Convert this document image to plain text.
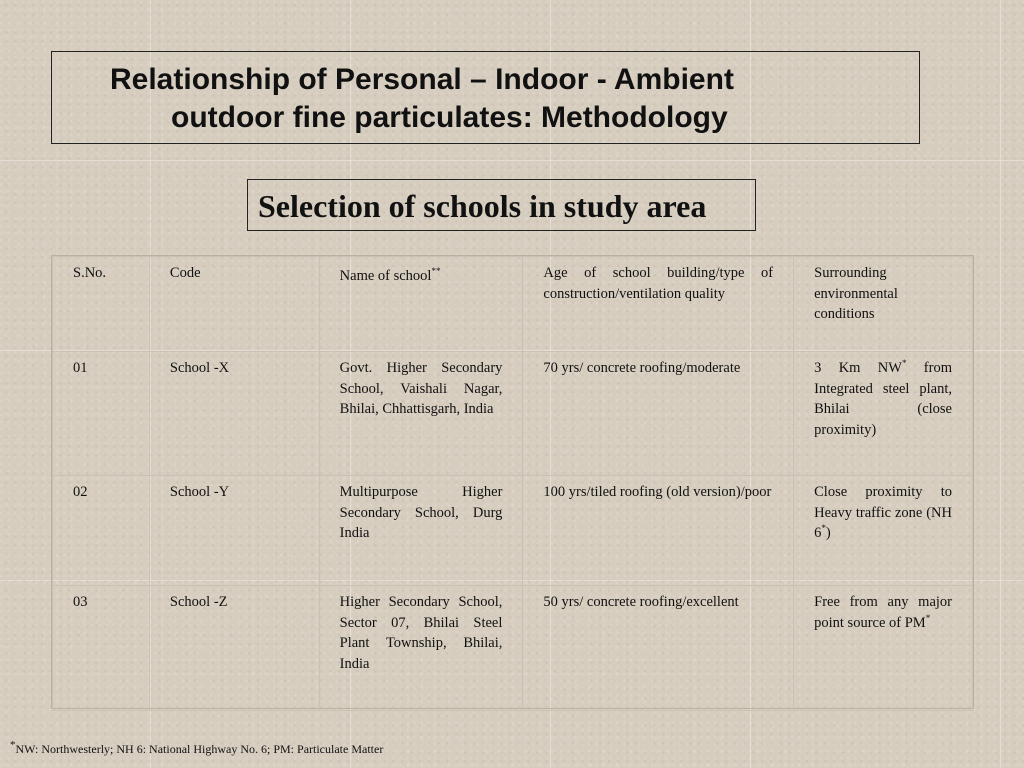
Relationship of Personal – Indoor - Ambient
outdoor fine particulates: Methodology
Selection of schools in study area
S.No.	Code	Name of school**	Age of school building/type of construction/ventilation quality	Surrounding environmental conditions
01	School -X	Govt. Higher Secondary School, Vaishali Nagar, Bhilai, Chhattisgarh, India	70 yrs/ concrete roofing/moderate	3 Km NW* from Integrated steel plant, Bhilai (close proximity)
02	School -Y	Multipurpose Higher Secondary School, Durg India	100 yrs/tiled roofing (old version)/poor	Close proximity to Heavy traffic zone (NH 6*)
03	School -Z	Higher Secondary School, Sector 07, Bhilai Steel Plant Township, Bhilai, India	50 yrs/ concrete roofing/excellent	Free from any major point source of PM*
*NW: Northwesterly; NH 6: National Highway No. 6; PM: Particulate Matter
